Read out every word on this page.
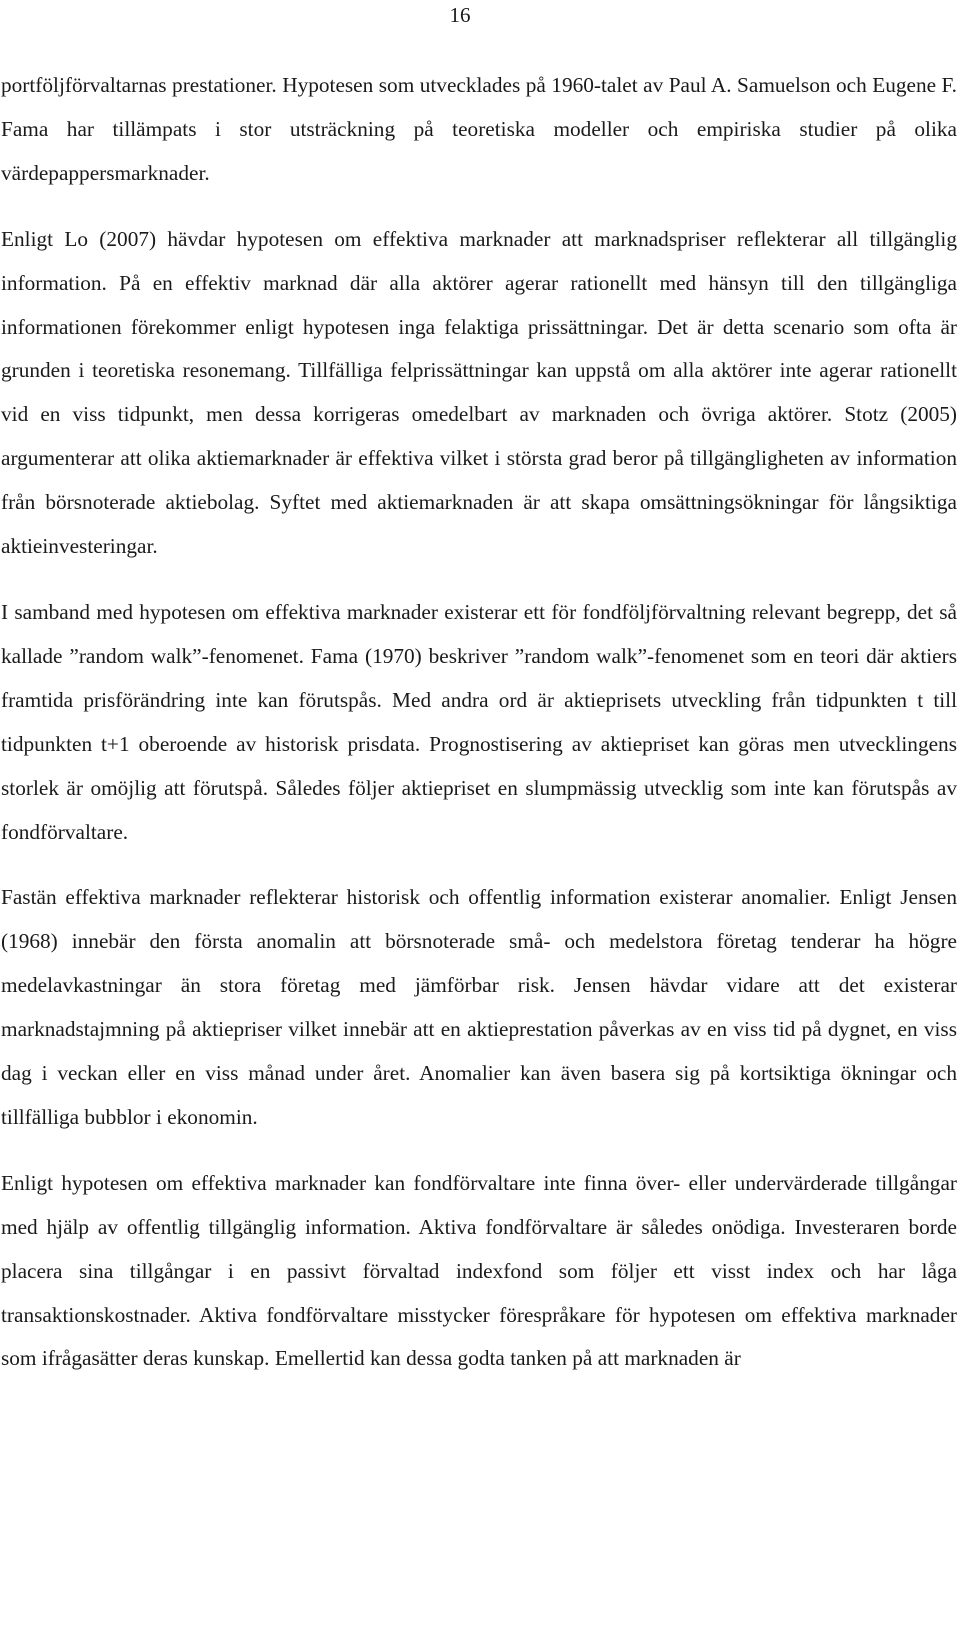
16

portföljförvaltarnas prestationer. Hypotesen som utvecklades på 1960-talet av Paul A. Samuelson och Eugene F. Fama har tillämpats i stor utsträckning på teoretiska modeller och empiriska studier på olika värdepappersmarknader.

Enligt Lo (2007) hävdar hypotesen om effektiva marknader att marknadspriser reflekterar all tillgänglig information. På en effektiv marknad där alla aktörer agerar rationellt med hänsyn till den tillgängliga informationen förekommer enligt hypotesen inga felaktiga prissättningar. Det är detta scenario som ofta är grunden i teoretiska resonemang. Tillfälliga felprissättningar kan uppstå om alla aktörer inte agerar rationellt vid en viss tidpunkt, men dessa korrigeras omedelbart av marknaden och övriga aktörer. Stotz (2005) argumenterar att olika aktiemarknader är effektiva vilket i största grad beror på tillgängligheten av information från börsnoterade aktiebolag. Syftet med aktiemarknaden är att skapa omsättningsökningar för långsiktiga aktieinvesteringar.

I samband med hypotesen om effektiva marknader existerar ett för fondföljförvaltning relevant begrepp, det så kallade ”random walk”-fenomenet. Fama (1970) beskriver ”random walk”-fenomenet som en teori där aktiers framtida prisförändring inte kan förutspås. Med andra ord är aktieprisets utveckling från tidpunkten t till tidpunkten t+1 oberoende av historisk prisdata. Prognostisering av aktiepriset kan göras men utvecklingens storlek är omöjlig att förutspå. Således följer aktiepriset en slumpmässig utvecklig som inte kan förutspås av fondförvaltare.

Fastän effektiva marknader reflekterar historisk och offentlig information existerar anomalier. Enligt Jensen (1968) innebär den första anomalin att börsnoterade små- och medelstora företag tenderar ha högre medelavkastningar än stora företag med jämförbar risk. Jensen hävdar vidare att det existerar marknadstajmning på aktiepriser vilket innebär att en aktieprestation påverkas av en viss tid på dygnet, en viss dag i veckan eller en viss månad under året. Anomalier kan även basera sig på kortsiktiga ökningar och tillfälliga bubblor i ekonomin.

Enligt hypotesen om effektiva marknader kan fondförvaltare inte finna över- eller undervärderade tillgångar med hjälp av offentlig tillgänglig information. Aktiva fondförvaltare är således onödiga. Investeraren borde placera sina tillgångar i en passivt förvaltad indexfond som följer ett visst index och har låga transaktionskostnader. Aktiva fondförvaltare misstycker förespråkare för hypotesen om effektiva marknader som ifrågasätter deras kunskap. Emellertid kan dessa godta tanken på att marknaden är
